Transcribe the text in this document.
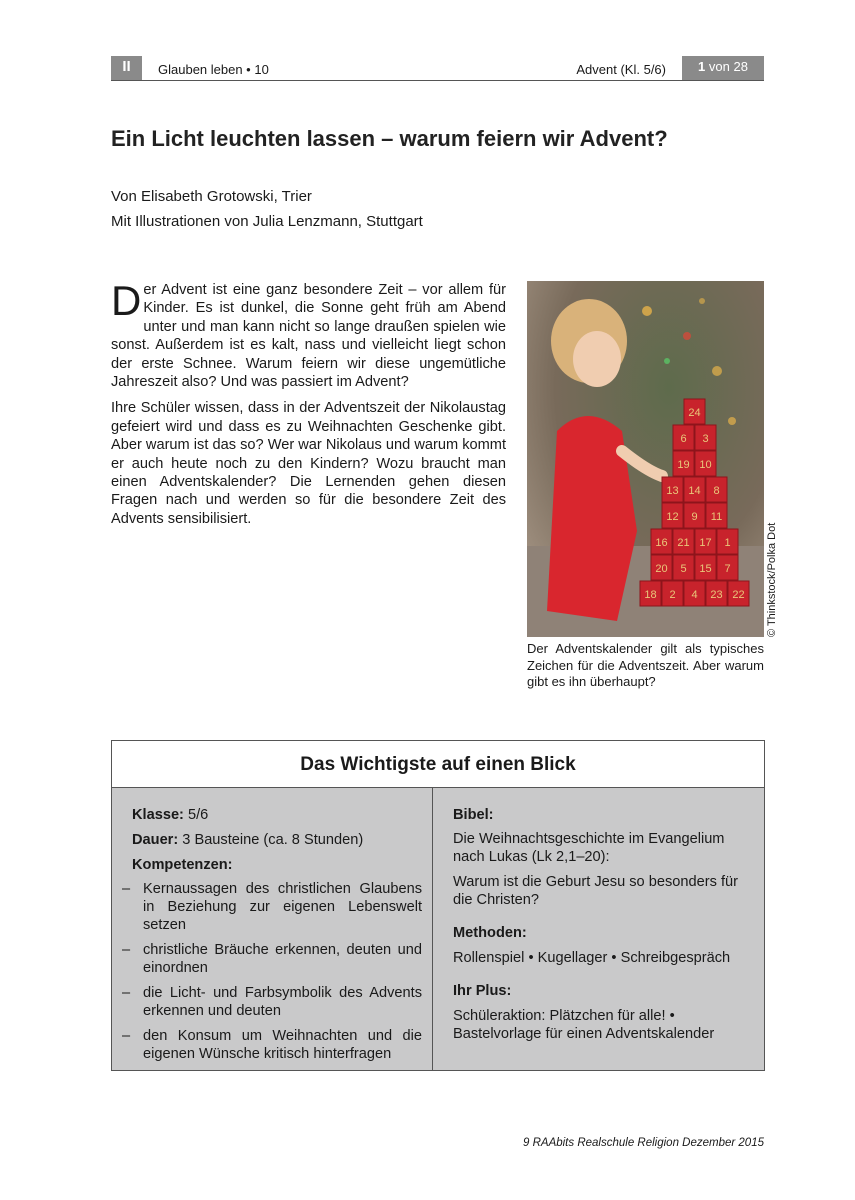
II	Glauben leben • 10	Advent (Kl. 5/6)	1 von 28
Ein Licht leuchten lassen – warum feiern wir Advent?
Von Elisabeth Grotowski, Trier
Mit Illustrationen von Julia Lenzmann, Stuttgart

Der Advent ist eine ganz besondere Zeit – vor allem für Kinder. Es ist dunkel, die Sonne geht früh am Abend unter und man kann nicht so lange draußen spielen wie sonst. Außerdem ist es kalt, nass und vielleicht liegt schon der erste Schnee. Warum feiern wir diese ungemütliche Jahreszeit also? Und was passiert im Advent?

Ihre Schüler wissen, dass in der Adventszeit der Nikolaustag gefeiert wird und dass es zu Weihnachten Geschenke gibt. Aber warum ist das so? Wer war Nikolaus und warum kommt er auch heute noch zu den Kindern? Wozu braucht man einen Adventskalender? Die Lernenden gehen diesen Fragen nach und werden so für die besondere Zeit des Advents sensibilisiert.

24
6 3
19 10
13 14 8
12 9 11
16 21 17 1
20 5 15 7
18 2 4 23 22 © Thinkstock/Polka Dot
Der Adventskalender gilt als typisches Zeichen für die Adventszeit. Aber warum gibt es ihn überhaupt?
Das Wichtigste auf einen Blick
Klasse: 5/6
Dauer: 3 Bausteine (ca. 8 Stunden)
Kompetenzen:
– Kernaussagen des christlichen Glaubens in Beziehung zur eigenen Lebenswelt setzen
– christliche Bräuche erkennen, deuten und einordnen
– die Licht- und Farbsymbolik des Advents erkennen und deuten
– den Konsum um Weihnachten und die eigenen Wünsche kritisch hinterfragen
Bibel:
Die Weihnachtsgeschichte im Evangelium nach Lukas (Lk 2,1–20):
Warum ist die Geburt Jesu so besonders für die Christen?
Methoden:
Rollenspiel • Kugellager • Schreibgespräch
Ihr Plus:
Schüleraktion: Plätzchen für alle! • Bastelvorlage für einen Adventskalender
9 RAAbits Realschule Religion Dezember 2015
